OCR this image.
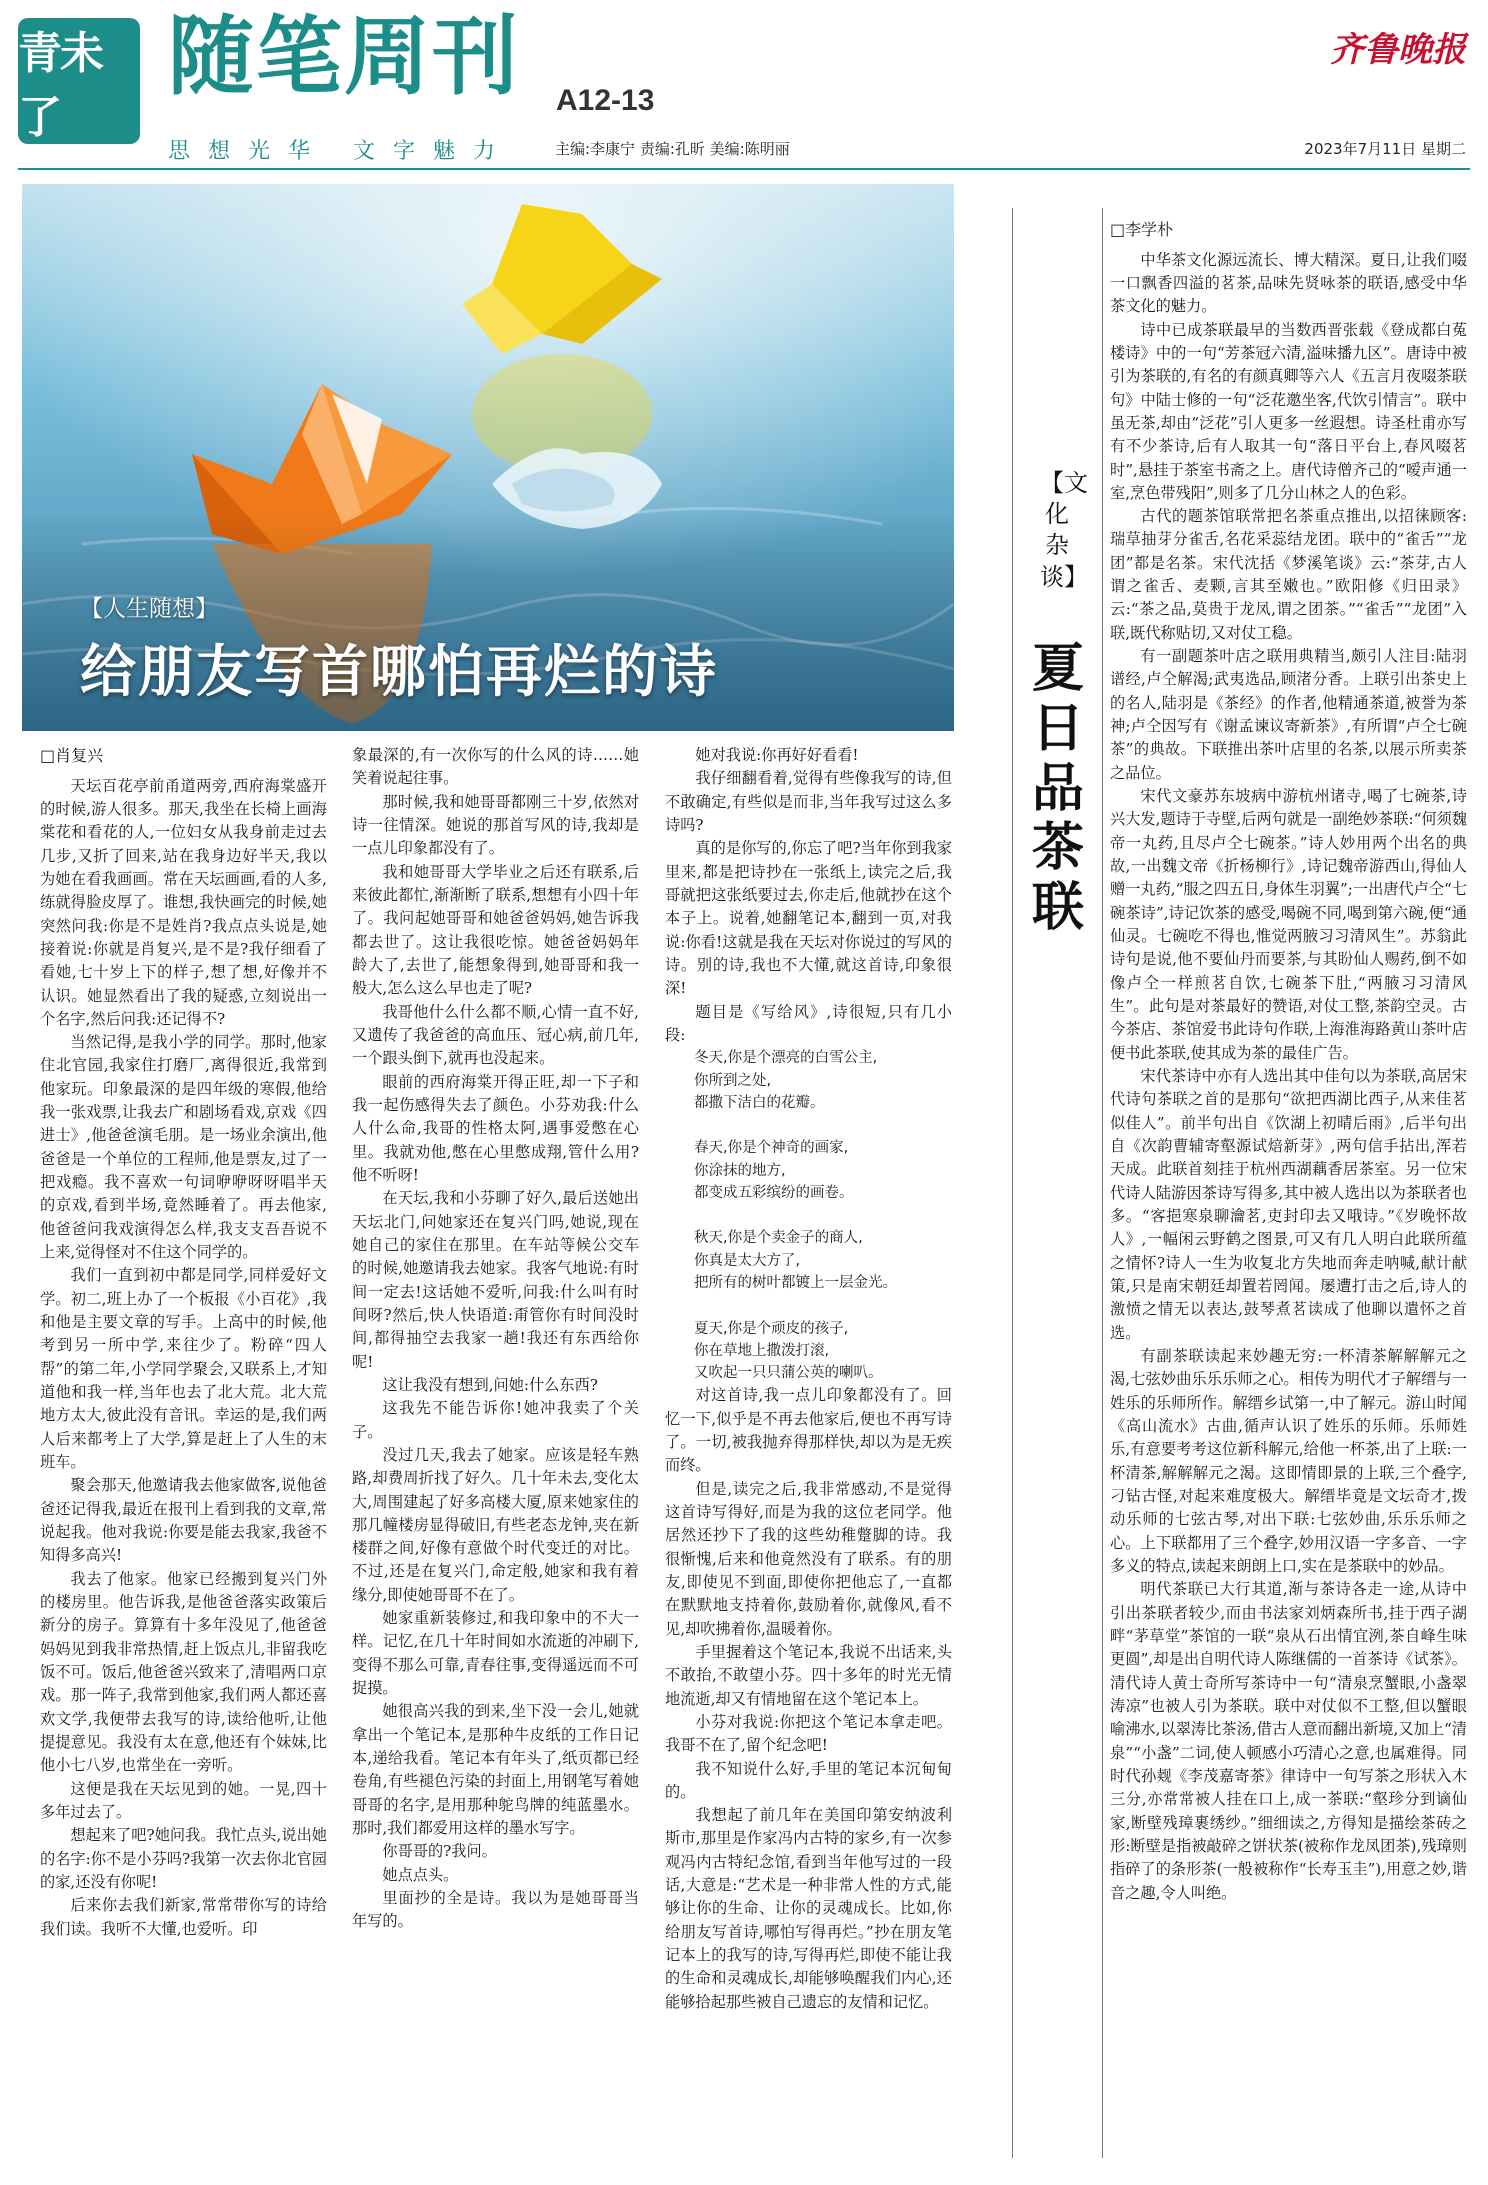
青未了
随笔周刊 A12-13
思想光华 文字魅力	主编:李康宁 责编:孔昕 美编:陈明丽
齐鲁晚报
2023年7月11日 星期二
【人生随想】
给朋友写首哪怕再烂的诗

□肖复兴

天坛百花亭前甬道两旁,西府海棠盛开的时候,游人很多。那天,我坐在长椅上画海棠花和看花的人,一位妇女从我身前走过去几步,又折了回来,站在我身边好半天,我以为她在看我画画。常在天坛画画,看的人多,练就得脸皮厚了。谁想,我快画完的时候,她突然问我:你是不是姓肖?我点点头说是,她接着说:你就是肖复兴,是不是?我仔细看了看她,七十岁上下的样子,想了想,好像并不认识。她显然看出了我的疑惑,立刻说出一个名字,然后问我:还记得不?

当然记得,是我小学的同学。那时,他家住北官园,我家住打磨厂,离得很近,我常到他家玩。印象最深的是四年级的寒假,他给我一张戏票,让我去广和剧场看戏,京戏《四进士》,他爸爸演毛朋。是一场业余演出,他爸爸是一个单位的工程师,他是票友,过了一把戏瘾。我不喜欢一句词咿咿呀呀唱半天的京戏,看到半场,竟然睡着了。再去他家,他爸爸问我戏演得怎么样,我支支吾吾说不上来,觉得怪对不住这个同学的。

我们一直到初中都是同学,同样爱好文学。初二,班上办了一个板报《小百花》,我和他是主要文章的写手。上高中的时候,他考到另一所中学,来往少了。粉碎“四人帮”的第二年,小学同学聚会,又联系上,才知道他和我一样,当年也去了北大荒。北大荒地方太大,彼此没有音讯。幸运的是,我们两人后来都考上了大学,算是赶上了人生的末班车。

聚会那天,他邀请我去他家做客,说他爸爸还记得我,最近在报刊上看到我的文章,常说起我。他对我说:你要是能去我家,我爸不知得多高兴!

我去了他家。他家已经搬到复兴门外的楼房里。他告诉我,是他爸爸落实政策后新分的房子。算算有十多年没见了,他爸爸妈妈见到我非常热情,赶上饭点儿,非留我吃饭不可。饭后,他爸爸兴致来了,清唱两口京戏。那一阵子,我常到他家,我们两人都还喜欢文学,我便带去我写的诗,读给他听,让他提提意见。我没有太在意,他还有个妹妹,比他小七八岁,也常坐在一旁听。

这便是我在天坛见到的她。一晃,四十多年过去了。

想起来了吧?她问我。我忙点头,说出她的名字:你不是小芬吗?我第一次去你北官园的家,还没有你呢!

后来你去我们新家,常常带你写的诗给我们读。我听不大懂,也爱听。印

象最深的,有一次你写的什么风的诗……她笑着说起往事。

那时候,我和她哥哥都刚三十岁,依然对诗一往情深。她说的那首写风的诗,我却是一点儿印象都没有了。

我和她哥哥大学毕业之后还有联系,后来彼此都忙,渐渐断了联系,想想有小四十年了。我问起她哥哥和她爸爸妈妈,她告诉我都去世了。这让我很吃惊。她爸爸妈妈年龄大了,去世了,能想象得到,她哥哥和我一般大,怎么这么早也走了呢?

我哥他什么什么都不顺,心情一直不好,又遗传了我爸爸的高血压、冠心病,前几年,一个跟头倒下,就再也没起来。

眼前的西府海棠开得正旺,却一下子和我一起伤感得失去了颜色。小芬劝我:什么人什么命,我哥的性格太阿,遇事爱憋在心里。我就劝他,憋在心里憋成翔,管什么用?他不听呀!

在天坛,我和小芬聊了好久,最后送她出天坛北门,问她家还在复兴门吗,她说,现在她自己的家住在那里。在车站等候公交车的时候,她邀请我去她家。我客气地说:有时间一定去!这话她不爱听,问我:什么叫有时间呀?然后,快人快语道:甭管你有时间没时间,都得抽空去我家一趟!我还有东西给你呢!

这让我没有想到,问她:什么东西?

这我先不能告诉你!她冲我卖了个关子。

没过几天,我去了她家。应该是轻车熟路,却费周折找了好久。几十年未去,变化太大,周围建起了好多高楼大厦,原来她家住的那几幢楼房显得破旧,有些老态龙钟,夹在新楼群之间,好像有意做个时代变迁的对比。不过,还是在复兴门,命定般,她家和我有着缘分,即使她哥哥不在了。

她家重新装修过,和我印象中的不大一样。记忆,在几十年时间如水流逝的冲刷下,变得不那么可靠,青春往事,变得遥远而不可捉摸。

她很高兴我的到来,坐下没一会儿,她就拿出一个笔记本,是那种牛皮纸的工作日记本,递给我看。笔记本有年头了,纸页都已经卷角,有些褪色污染的封面上,用钢笔写着她哥哥的名字,是用那种鸵鸟牌的纯蓝墨水。那时,我们都爱用这样的墨水写字。

你哥哥的?我问。

她点点头。

里面抄的全是诗。我以为是她哥哥当年写的。

她对我说:你再好好看看!

我仔细翻看着,觉得有些像我写的诗,但不敢确定,有些似是而非,当年我写过这么多诗吗?

真的是你写的,你忘了吧?当年你到我家里来,都是把诗抄在一张纸上,读完之后,我哥就把这张纸要过去,你走后,他就抄在这个本子上。说着,她翻笔记本,翻到一页,对我说:你看!这就是我在天坛对你说过的写风的诗。别的诗,我也不大懂,就这首诗,印象很深!

题目是《写给风》,诗很短,只有几小段:

冬天,你是个漂亮的白雪公主,

你所到之处,

都撒下洁白的花瓣。

春天,你是个神奇的画家,

你涂抹的地方,

都变成五彩缤纷的画卷。

秋天,你是个卖金子的商人,

你真是太大方了,

把所有的树叶都镀上一层金光。

夏天,你是个顽皮的孩子,

你在草地上撒泼打滚,

又吹起一只只蒲公英的喇叭。

对这首诗,我一点儿印象都没有了。回忆一下,似乎是不再去他家后,便也不再写诗了。一切,被我抛弃得那样快,却以为是无疾而终。

但是,读完之后,我非常感动,不是觉得这首诗写得好,而是为我的这位老同学。他居然还抄下了我的这些幼稚蹩脚的诗。我很惭愧,后来和他竟然没有了联系。有的朋友,即使见不到面,即使你把他忘了,一直都在默默地支持着你,鼓励着你,就像风,看不见,却吹拂着你,温暖着你。

手里握着这个笔记本,我说不出话来,头不敢抬,不敢望小芬。四十多年的时光无情地流逝,却又有情地留在这个笔记本上。

小芬对我说:你把这个笔记本拿走吧。我哥不在了,留个纪念吧!

我不知说什么好,手里的笔记本沉甸甸的。

我想起了前几年在美国印第安纳波利斯市,那里是作家冯内古特的家乡,有一次参观冯内古特纪念馆,看到当年他写过的一段话,大意是:“艺术是一种非常人性的方式,能够让你的生命、让你的灵魂成长。比如,你给朋友写首诗,哪怕写得再烂。”抄在朋友笔记本上的我写的诗,写得再烂,即使不能让我的生命和灵魂成长,却能够唤醒我们内心,还能够拾起那些被自己遗忘的友情和记忆。

【文化杂谈】
夏日品茶联

□李学朴

中华茶文化源远流长、博大精深。夏日,让我们啜一口飘香四溢的茗茶,品味先贤咏茶的联语,感受中华茶文化的魅力。

诗中已成茶联最早的当数西晋张载《登成都白菟楼诗》中的一句“芳茶冠六清,溢味播九区”。唐诗中被引为茶联的,有名的有颜真卿等六人《五言月夜啜茶联句》中陆士修的一句“泛花邀坐客,代饮引情言”。联中虽无茶,却由“泛花”引人更多一丝遐想。诗圣杜甫亦写有不少茶诗,后有人取其一句“落日平台上,春风啜茗时”,悬挂于茶室书斋之上。唐代诗僧齐己的“嗳声通一室,烹色带残阳”,则多了几分山林之人的色彩。

古代的题茶馆联常把名茶重点推出,以招徕顾客:瑞草抽芽分雀舌,名花采蕊结龙团。联中的“雀舌”“龙团”都是名茶。宋代沈括《梦溪笔谈》云:“茶芽,古人谓之雀舌、麦颗,言其至嫩也。”欧阳修《归田录》云:“茶之品,莫贵于龙凤,谓之团茶。”“雀舌”“龙团”入联,既代称贴切,又对仗工稳。

有一副题茶叶店之联用典精当,颇引人注目:陆羽谱经,卢仝解渴;武夷选品,顾渚分香。上联引出茶史上的名人,陆羽是《茶经》的作者,他精通茶道,被誉为茶神;卢仝因写有《谢孟谏议寄新茶》,有所谓“卢仝七碗茶”的典故。下联推出茶叶店里的名茶,以展示所卖茶之品位。

宋代文豪苏东坡病中游杭州诸寺,喝了七碗茶,诗兴大发,题诗于寺壁,后两句就是一副绝妙茶联:“何须魏帝一丸药,且尽卢仝七碗茶。”诗人妙用两个出名的典故,一出魏文帝《折杨柳行》,诗记魏帝游西山,得仙人赠一丸药,“服之四五日,身体生羽翼”;一出唐代卢仝“七碗茶诗”,诗记饮茶的感受,喝碗不同,喝到第六碗,便“通仙灵。七碗吃不得也,惟觉两腋习习清风生”。苏翁此诗句是说,他不要仙丹而要茶,与其盼仙人赐药,倒不如像卢仝一样煎茗自饮,七碗茶下肚,“两腋习习清风生”。此句是对茶最好的赞语,对仗工整,茶韵空灵。古今茶店、茶馆爱书此诗句作联,上海淮海路黄山茶叶店便书此茶联,使其成为茶的最佳广告。

宋代茶诗中亦有人选出其中佳句以为茶联,高居宋代诗句茶联之首的是那句“欲把西湖比西子,从来佳茗似佳人”。前半句出自《饮湖上初晴后雨》,后半句出自《次韵曹辅寄壑源试焙新芽》,两句信手拈出,浑若天成。此联首刻挂于杭州西湖藕香居茶室。另一位宋代诗人陆游因茶诗写得多,其中被人选出以为茶联者也多。“客挹寒泉聊瀹茗,吏封印去又哦诗。”《岁晚怀故人》,一幅闲云野鹤之图景,可又有几人明白此联所蕴之情怀?诗人一生为收复北方失地而奔走呐喊,献计献策,只是南宋朝廷却置若罔闻。屡遭打击之后,诗人的激愤之情无以表达,鼓琴煮茗读成了他聊以遣怀之首选。

有副茶联读起来妙趣无穷:一杯清茶解解解元之渴,七弦妙曲乐乐乐师之心。相传为明代才子解缙与一姓乐的乐师所作。解缙乡试第一,中了解元。游山时闻《高山流水》古曲,循声认识了姓乐的乐师。乐师姓乐,有意要考考这位新科解元,给他一杯茶,出了上联:一杯清茶,解解解元之渴。这即情即景的上联,三个叠字,刁钻古怪,对起来难度极大。解缙毕竟是文坛奇才,拨动乐师的七弦古琴,对出下联:七弦妙曲,乐乐乐师之心。上下联都用了三个叠字,妙用汉语一字多音、一字多义的特点,读起来朗朗上口,实在是茶联中的妙品。

明代茶联已大行其道,渐与茶诗各走一途,从诗中引出茶联者较少,而由书法家刘炳森所书,挂于西子湖畔“茅草堂”茶馆的一联“泉从石出情宜洌,茶自峰生味更圆”,却是出自明代诗人陈继儒的一首茶诗《试茶》。清代诗人黄士奇所写茶诗中一句“清泉烹蟹眼,小盏翠涛凉”也被人引为茶联。联中对仗似不工整,但以蟹眼喻沸水,以翠涛比茶汤,借古人意而翻出新境,又加上“清泉”“小盏”二词,使人顿感小巧清心之意,也属难得。同时代孙觌《李茂嘉寄茶》律诗中一句写茶之形状入木三分,亦常常被人挂在口上,成一茶联:“壑珍分到谪仙家,断壁残璋裹绣纱。”细细读之,方得知是描绘茶砖之形:断壁是指被敲碎之饼状茶(被称作龙凤团茶),残璋则指碎了的条形茶(一般被称作“长寿玉圭”),用意之妙,谐音之趣,令人叫绝。
